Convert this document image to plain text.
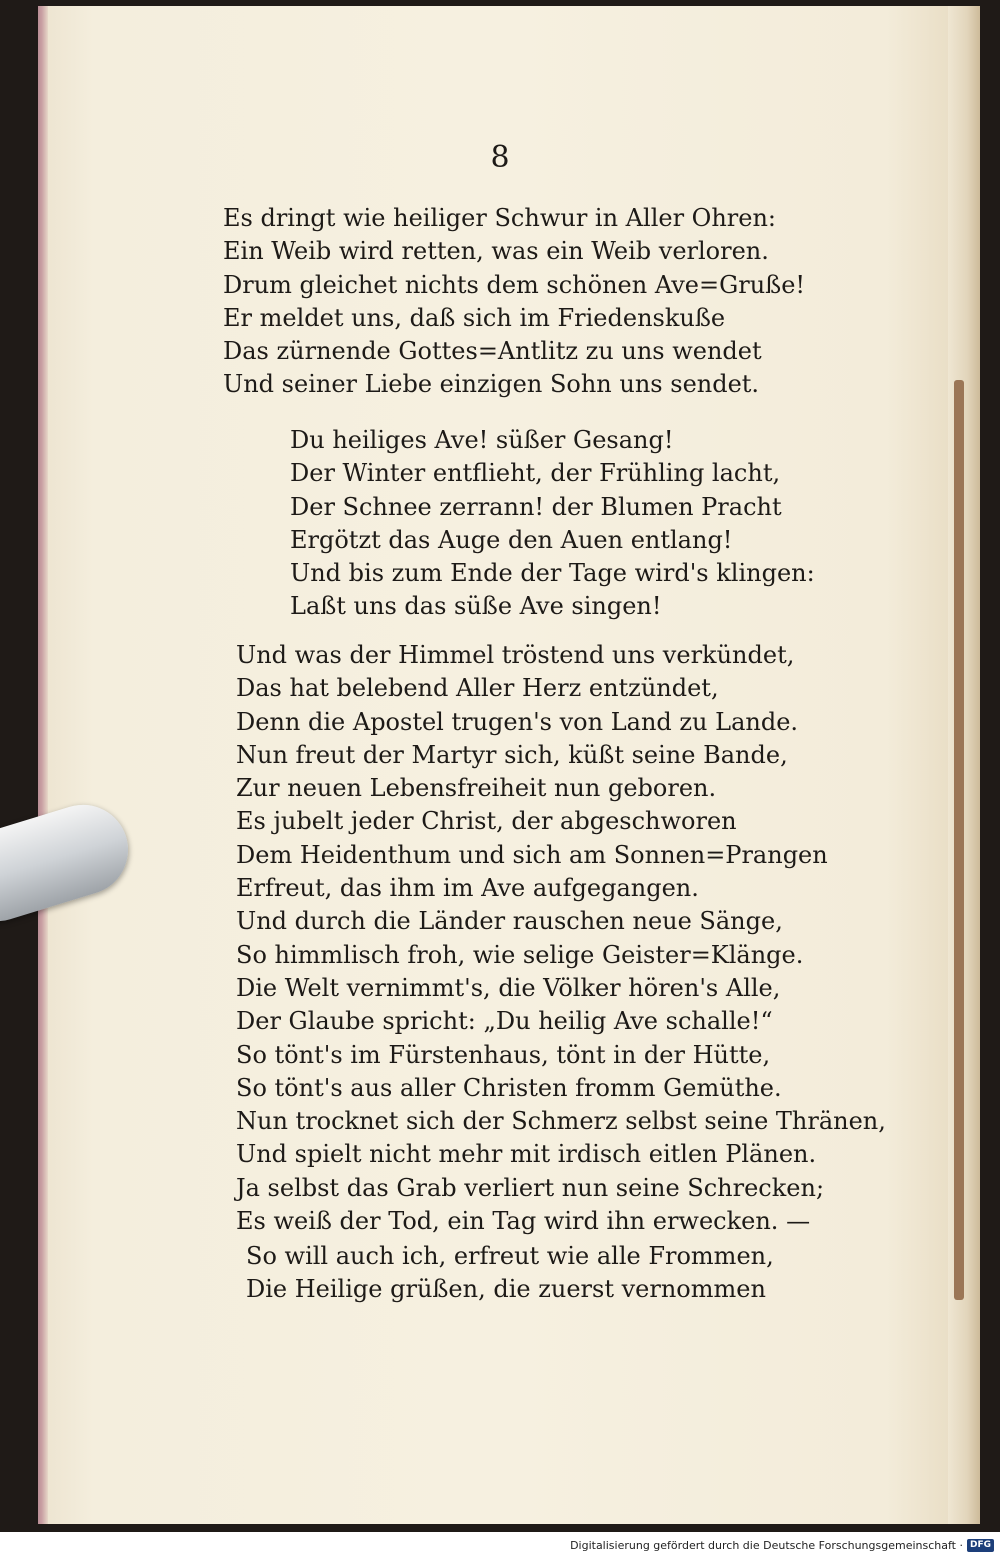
8
Es dringt wie heiliger Schwur in Aller Ohren:
Ein Weib wird retten, was ein Weib verloren.
Drum gleichet nichts dem schönen Ave=Gruße!
Er meldet uns, daß sich im Friedenskuße
Das zürnende Gottes=Antlitz zu uns wendet
Und seiner Liebe einzigen Sohn uns sendet.
Du heiliges Ave! süßer Gesang!
Der Winter entflieht, der Frühling lacht,
Der Schnee zerrann! der Blumen Pracht
Ergötzt das Auge den Auen entlang!
Und bis zum Ende der Tage wird's klingen:
Laßt uns das süße Ave singen!
Und was der Himmel tröstend uns verkündet,
Das hat belebend Aller Herz entzündet,
Denn die Apostel trugen's von Land zu Lande.
Nun freut der Martyr sich, küßt seine Bande,
Zur neuen Lebensfreiheit nun geboren.
Es jubelt jeder Christ, der abgeschworen
Dem Heidenthum und sich am Sonnen=Prangen
Erfreut, das ihm im Ave aufgegangen.
Und durch die Länder rauschen neue Sänge,
So himmlisch froh, wie selige Geister=Klänge.
Die Welt vernimmt's, die Völker hören's Alle,
Der Glaube spricht: „Du heilig Ave schalle!“
So tönt's im Fürstenhaus, tönt in der Hütte,
So tönt's aus aller Christen fromm Gemüthe.
Nun trocknet sich der Schmerz selbst seine Thränen,
Und spielt nicht mehr mit irdisch eitlen Plänen.
Ja selbst das Grab verliert nun seine Schrecken;
Es weiß der Tod, ein Tag wird ihn erwecken. —
So will auch ich, erfreut wie alle Frommen,
Die Heilige grüßen, die zuerst vernommen
Digitalisierung gefördert durch die Deutsche Forschungsgemeinschaft · DFG
